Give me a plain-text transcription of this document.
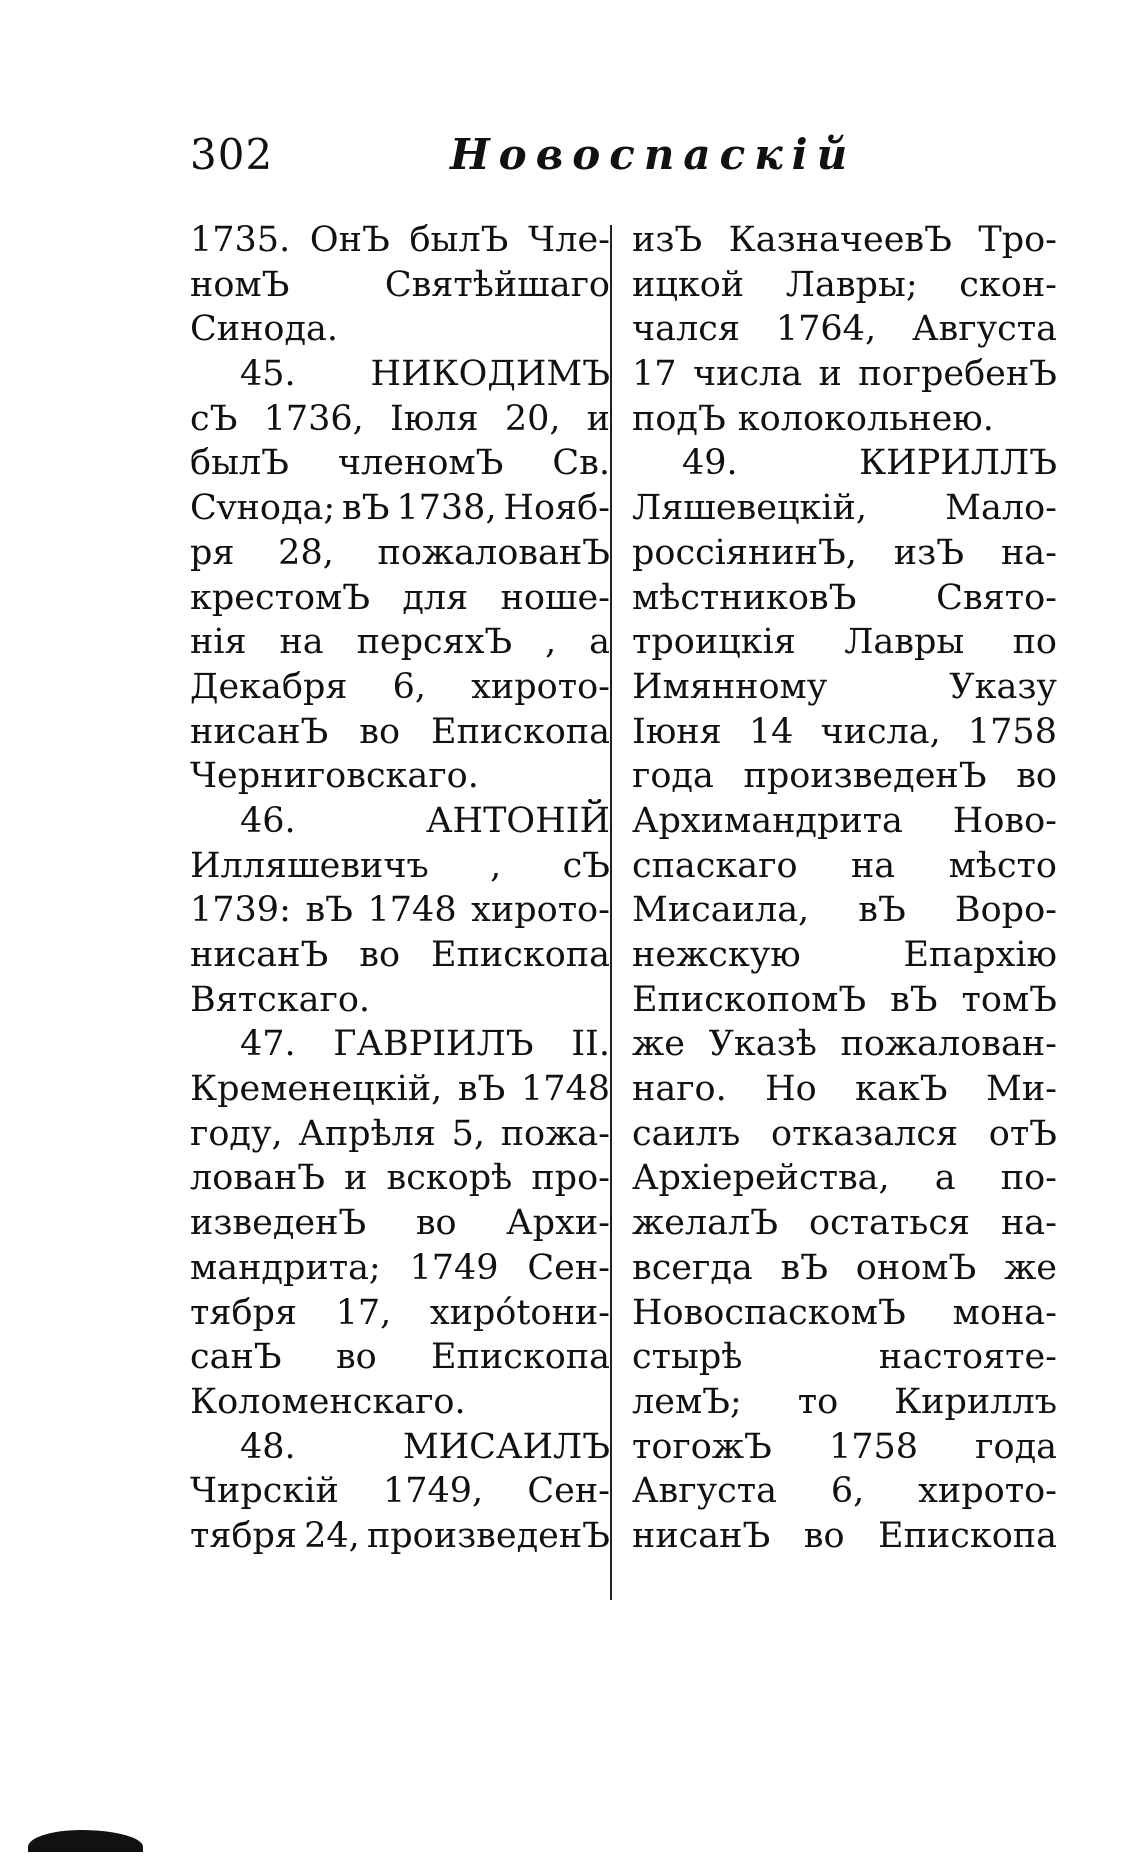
302	Новоспаскій
1735. ОнЪ былЪ Чле-
номЪ	Святѣйшаго
Синода.
45. НИКОДИМЪ
сЪ 1736, Іюля 20, и
былЪ членомЪ Св.
Сvнода; вЪ 1738, Нояб-
ря 28, пожалованЪ
крестомЪ для ноше-
нія на персяхЪ , а
Декабря 6, хирото-
нисанЪ во Епископа
Черниговскаго.
46.	АНТОНІЙ
Илляшевичъ , сЪ
1739: вЪ 1748 хирото-
нисанЪ во Епископа
Вятскаго.
47. ГАВРІИЛЪ II.
Кременецкій, вЪ 1748
году, Апрѣля 5, пожа-
лованЪ и вскорѣ про-
изведенЪ во Архи-
мандрита; 1749 Сен-
тября 17, хирótони-
санЪ во Епископа
Коломенскаго.
48.	МИСАИЛЪ
Чирскій 1749, Сен-
тября 24, произведенЪ
изЪ КазначеевЪ Тро-
ицкой Лавры; скон-
чался 1764, Августа
17 числа и погребенЪ
подЪ колокольнею.
49.	КИРИЛЛЪ
Ляшевецкій, Мало-
россіянинЪ, изЪ на-
мѣстниковЪ Свято-
троицкія Лавры по
Имянному	Указу
Іюня 14 числа, 1758
года произведенЪ во
Архимандрита Ново-
спаскаго на мѣсто
Мисаила, вЪ Воро-
нежскую	Епархію
ЕпископомЪ вЪ томЪ
же Указѣ пожалован-
наго. Но какЪ Ми-
саилъ отказался отЪ
Архіерейства, а по-
желалЪ остаться на-
всегда вЪ ономЪ же
НовоспаскомЪ мона-
стырѣ	настояте-
лемЪ; то Кириллъ
тогожЪ 1758 года
Августа 6, хирото-
нисанЪ во Епископа
